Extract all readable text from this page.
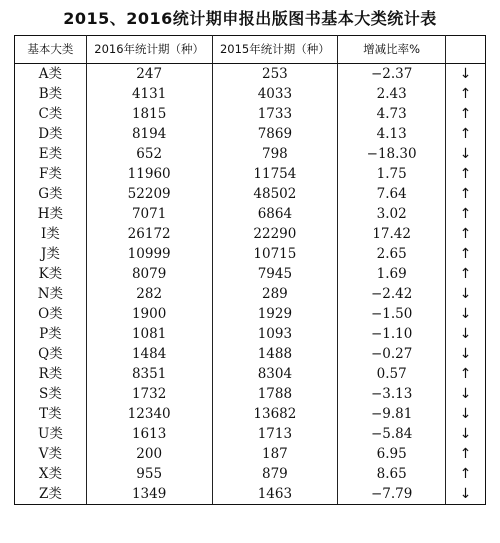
2015、2016统计期申报出版图书基本大类统计表
基本大类	2016年统计期（种）	2015年统计期（种）	增减比率%	
A类	247	253	−2.37	↓
B类	4131	4033	2.43	↑
C类	1815	1733	4.73	↑
D类	8194	7869	4.13	↑
E类	652	798	−18.30	↓
F类	11960	11754	1.75	↑
G类	52209	48502	7.64	↑
H类	7071	6864	3.02	↑
I类	26172	22290	17.42	↑
J类	10999	10715	2.65	↑
K类	8079	7945	1.69	↑
N类	282	289	−2.42	↓
O类	1900	1929	−1.50	↓
P类	1081	1093	−1.10	↓
Q类	1484	1488	−0.27	↓
R类	8351	8304	0.57	↑
S类	1732	1788	−3.13	↓
T类	12340	13682	−9.81	↓
U类	1613	1713	−5.84	↓
V类	200	187	6.95	↑
X类	955	879	8.65	↑
Z类	1349	1463	−7.79	↓
